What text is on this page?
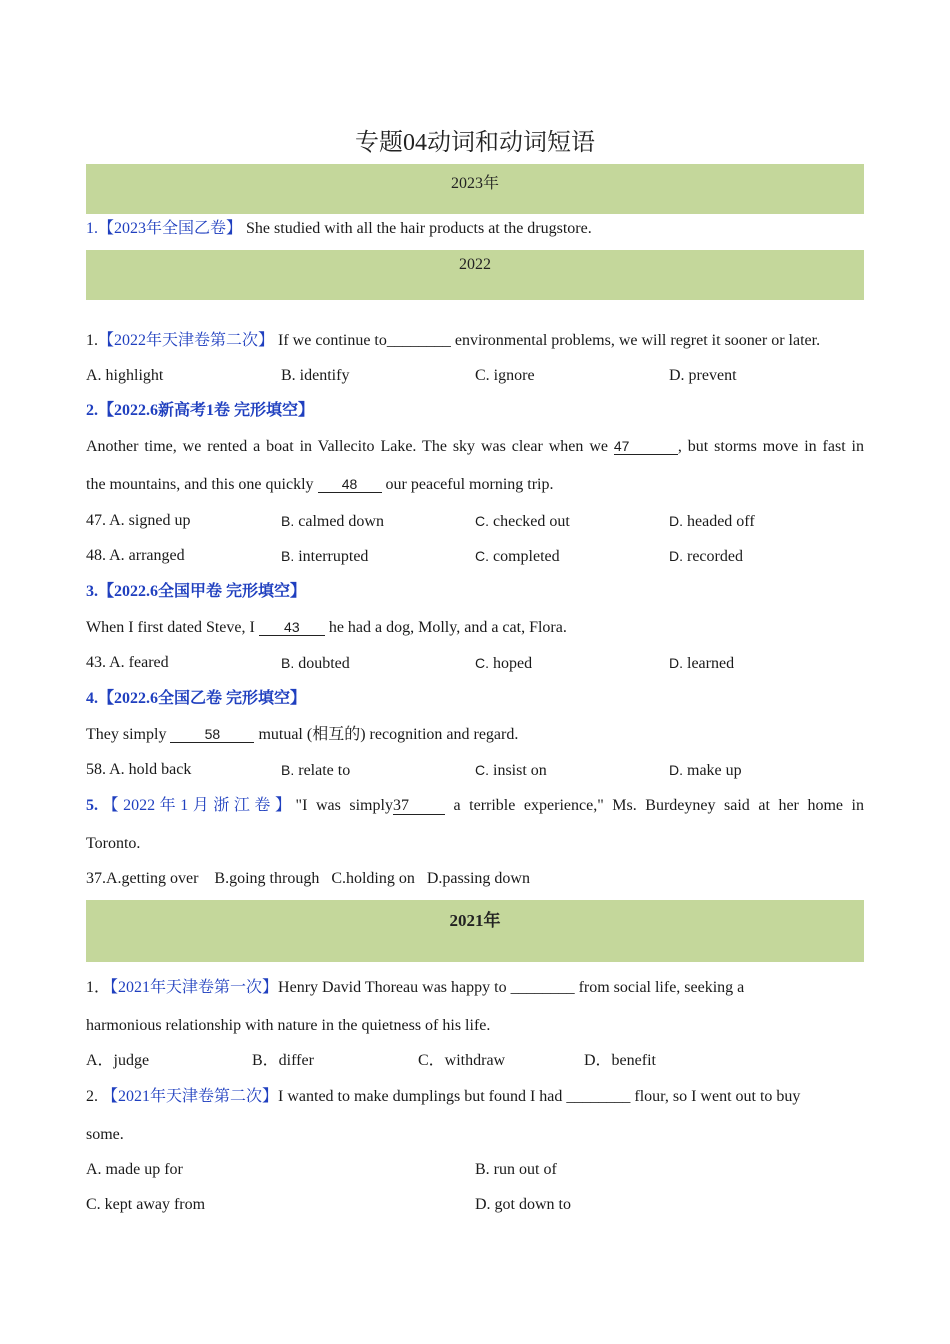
专题04动词和动词短语
2023年
1.【2023年全国乙卷】 She studied with all the hair products at the drugstore.
2022
1.【2022年天津卷第二次】 If we continue to________ environmental problems, we will regret it sooner or later.
A. highlight	B. identify	C. ignore	D. prevent
2.【2022.6新高考1卷 完形填空】
Another time, we rented a boat in Vallecito Lake. The sky was clear when we 47	, but storms move in fast in
the mountains, and this one quickly 48 our peaceful morning trip.
47. A. signed up	B. calmed down	C. checked out	D. headed off
48. A. arranged	B. interrupted	C. completed	D. recorded
3.【2022.6全国甲卷 完形填空】
When I first dated Steve, I 43 he had a dog, Molly, and a cat, Flora.
43. A. feared	B. doubted	C. hoped	D. learned
4.【2022.6全国乙卷 完形填空】
They simply 58 mutual (相互的) recognition and regard.
58. A. hold back	B. relate to	C. insist on	D. make up
5.【2022年1月浙江卷】"I was simply37 a terrible experience," Ms. Burdeyney said at her home in
Toronto.
37.A.getting over    B.going through   C.holding on   D.passing down
2021年
1．【2021年天津卷第一次】Henry David Thoreau was happy to ________ from social life, seeking a
harmonious relationship with nature in the quietness of his life.
A．judge	B．differ	C．withdraw	D．benefit
2. 【2021年天津卷第二次】I wanted to make dumplings but found I had ________ flour, so I went out to buy
some.
A. made up for	B. run out of
C. kept away from	D. got down to
